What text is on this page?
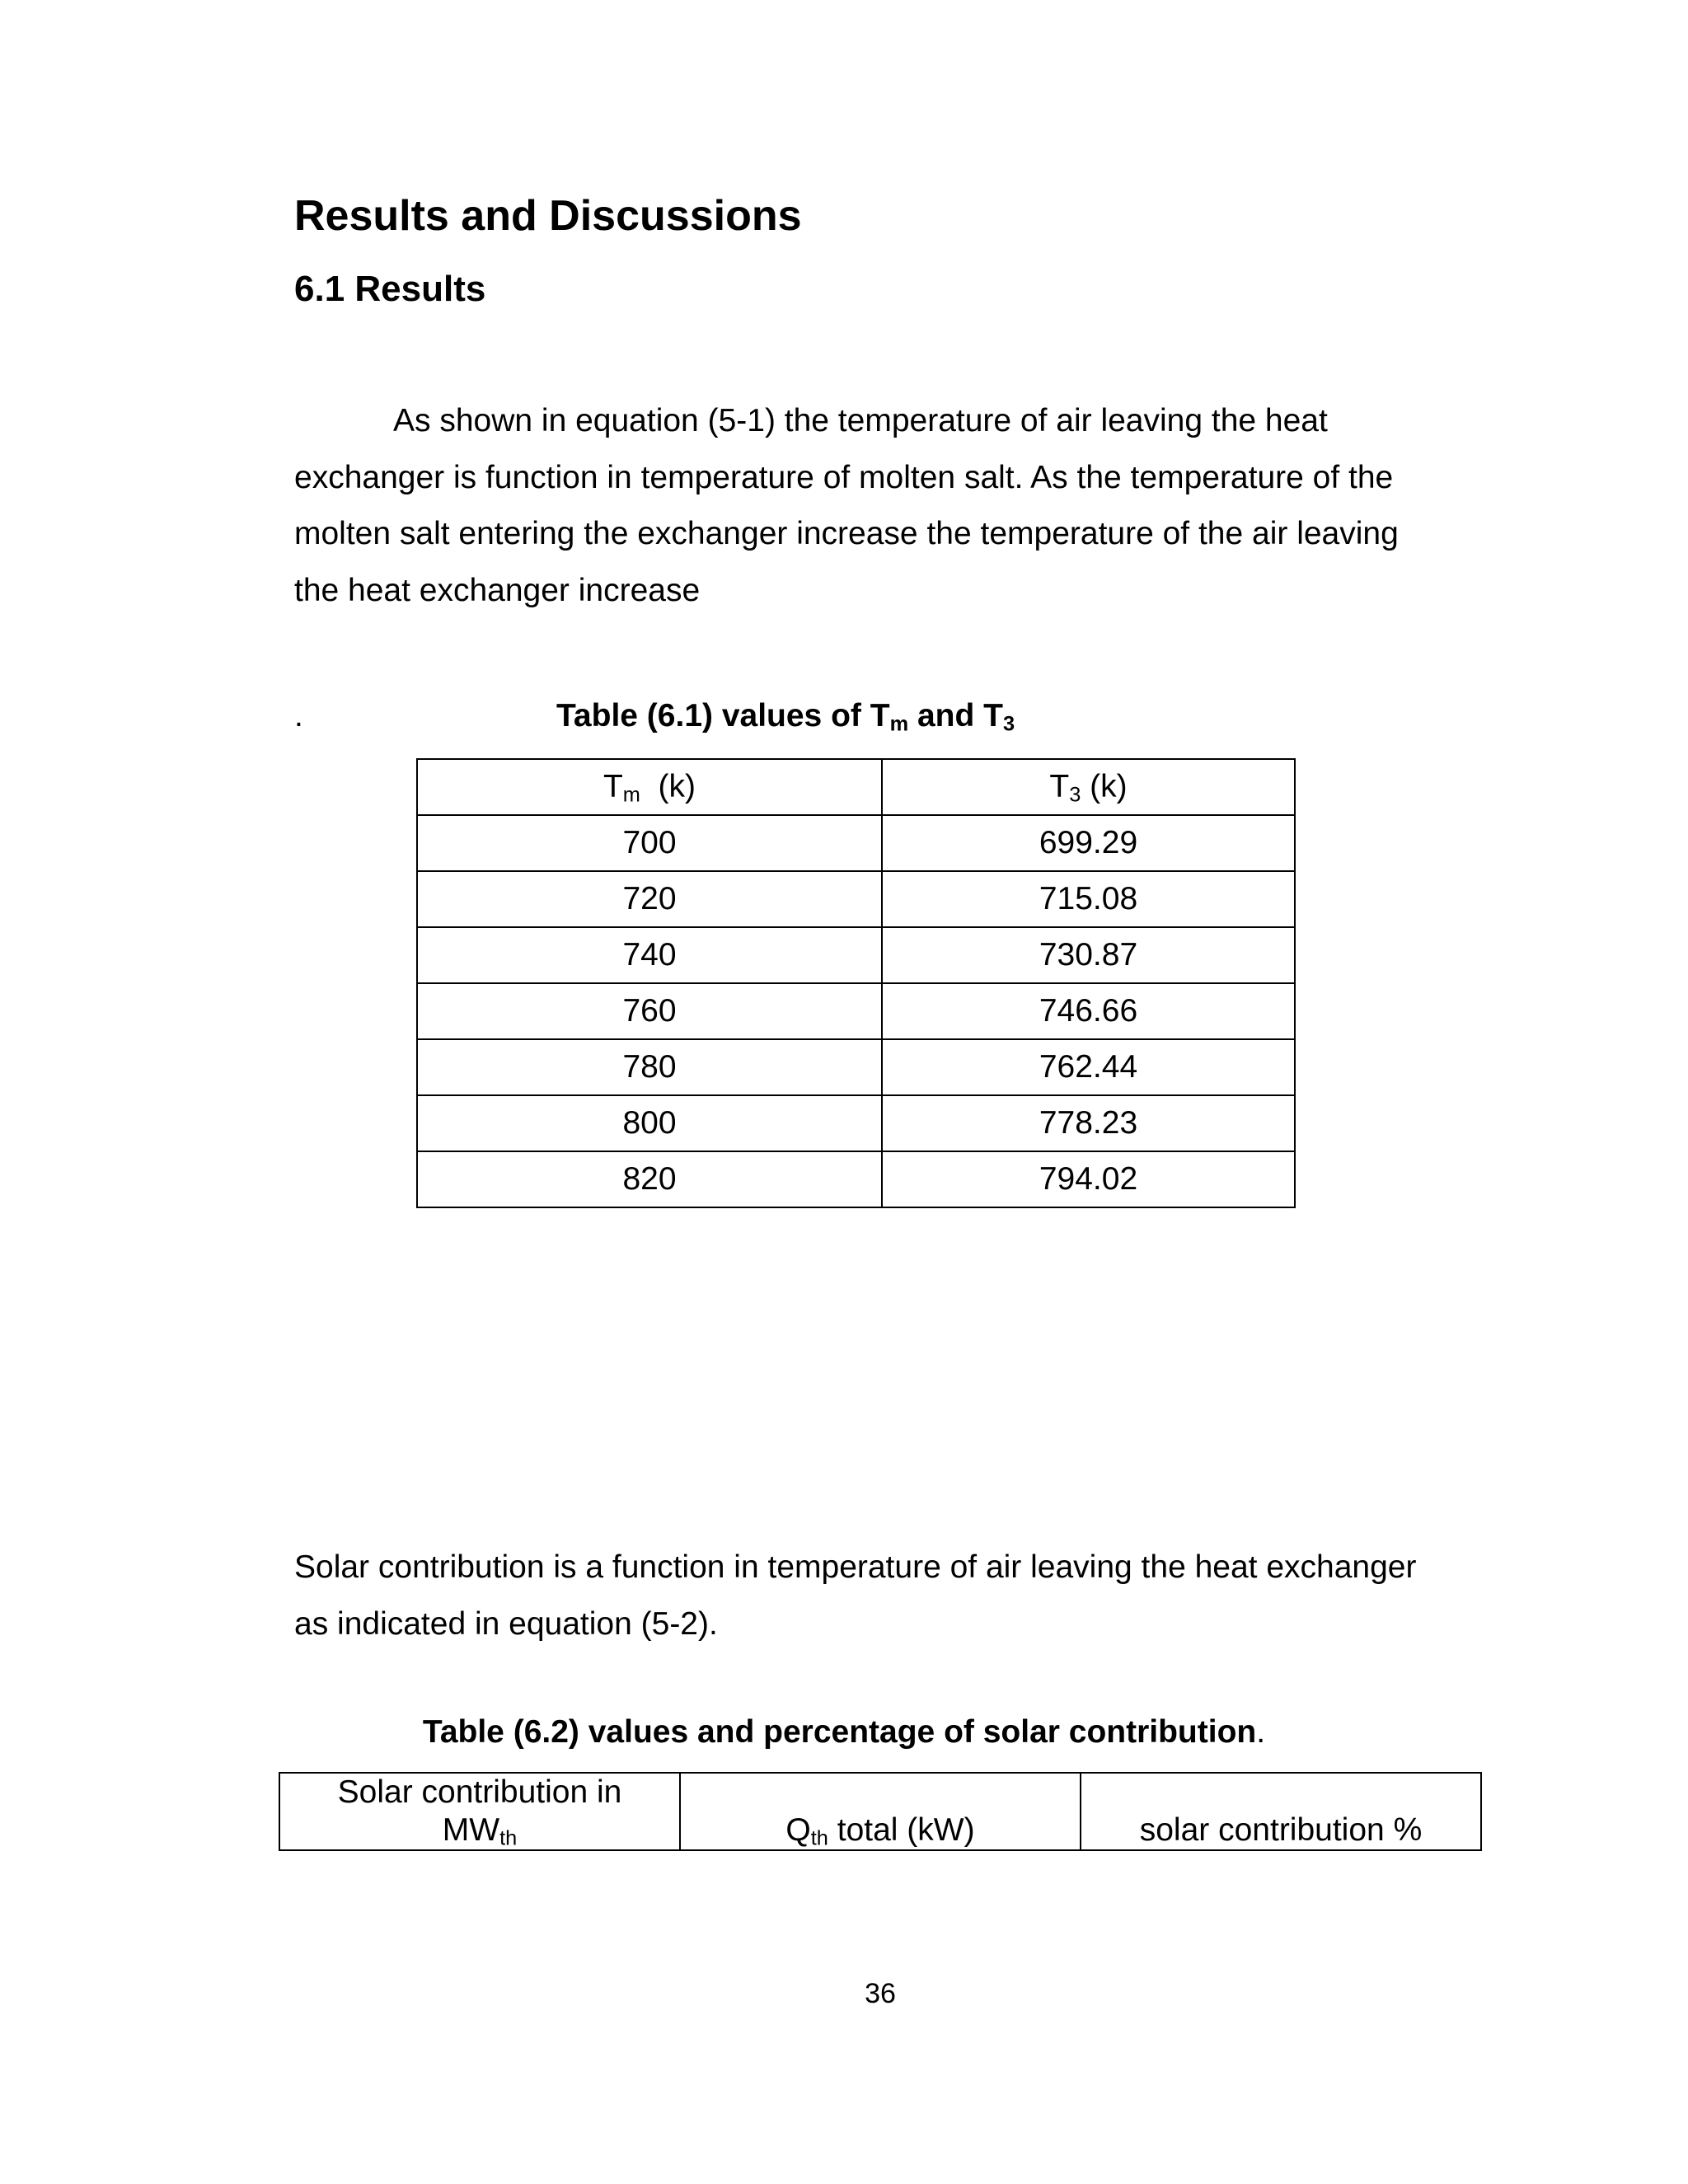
Results and Discussions
6.1 Results

As shown in equation (5-1) the temperature of air leaving the heat exchanger is function in temperature of molten salt. As the temperature of the molten salt entering the exchanger increase the temperature of the air leaving the heat exchanger increase

.	Table (6.1) values of $T_m$ and $T_3$

$T_m$  (k)	$T_3$ (k)
700	699.29
720	715.08
740	730.87
760	746.66
780	762.44
800	778.23
820	794.02

Solar contribution is a function in temperature of air leaving the heat exchanger as indicated in equation (5-2).

Table (6.2) values and percentage of solar contribution.

Solar contribution in
$MW_{th}$	$Q_{th}$ total (kW)	solar contribution %
36
